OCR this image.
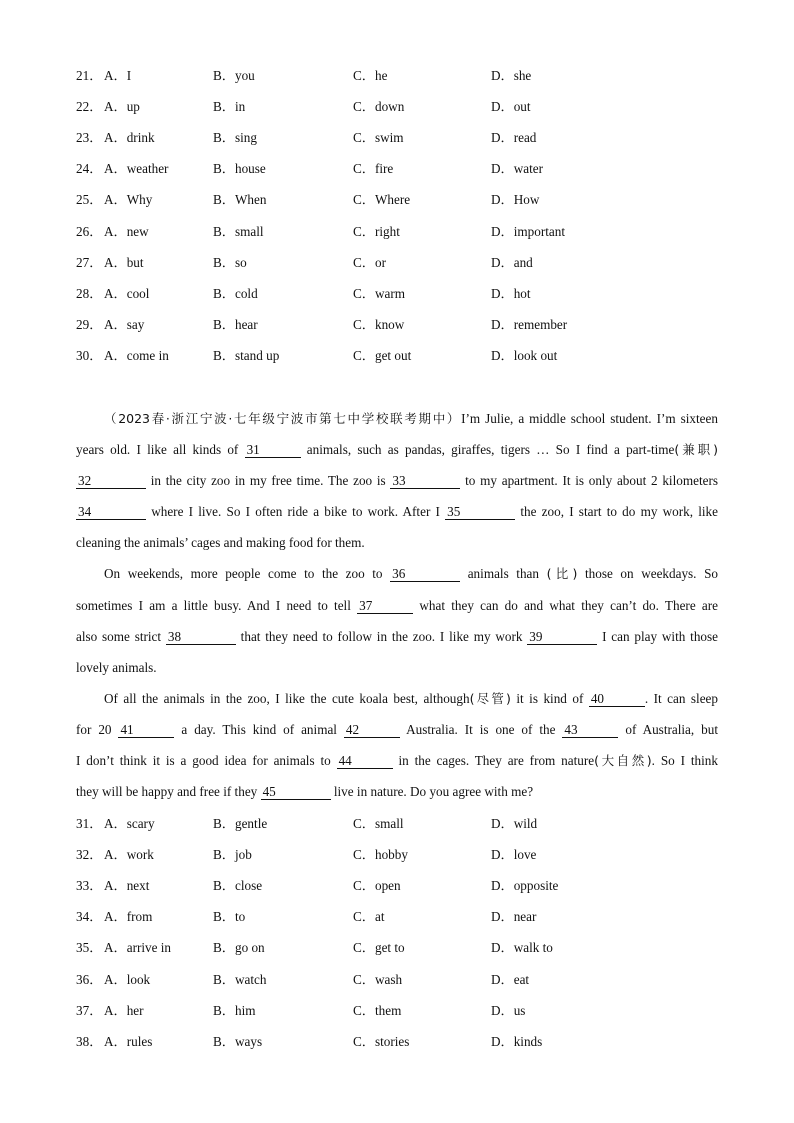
21． A．I	B．you	C．he	D．she
22． A．up	B．in	C．down	D．out
23． A．drink	B．sing	C．swim	D．read
24． A．weather	B．house	C．fire	D．water
25． A．Why	B．When	C．Where	D．How
26． A．new	B．small	C．right	D．important
27． A．but	B．so	C．or	D．and
28． A．cool	B．cold	C．warm	D．hot
29． A．say	B．hear	C．know	D．remember
30． A．come in	B．stand up	C．get out	D．look out
（2023春·浙江宁波·七年级宁波市第七中学校联考期中）I’m Julie, a middle school student. I’m sixteen
years old. I like all kinds of 31	animals, such as pandas, giraffes, tigers … So I find a part-time(兼职)
32	in the city zoo in my free time. The zoo is 33	to my apartment. It is only about 2 kilometers
34	where I live. So I often ride a bike to work. After I 35	the zoo, I start to do my work, like
cleaning the animals’ cages and making food for them.
On weekends, more people come to the zoo to 36	animals than (比) those on weekdays. So
sometimes I am a little busy. And I need to tell 37	what they can do and what they can’t do. There are
also some strict 38	that they need to follow in the zoo. I like my work 39	I can play with those
lovely animals.
Of all the animals in the zoo, I like the cute koala best, although(尽管) it is kind of 40	. It can sleep
for 20 41	a day. This kind of animal 42	Australia. It is one of the 43	of Australia, but
I don’t think it is a good idea for animals to 44	in the cages. They are from nature(大自然). So I think
they will be happy and free if they 45	live in nature. Do you agree with me?
31． A．scary	B．gentle	C．small	D．wild
32． A．work	B．job	C．hobby	D．love
33． A．next	B．close	C．open	D．opposite
34． A．from	B．to	C．at	D．near
35． A．arrive in	B．go on	C．get to	D．walk to
36． A．look	B．watch	C．wash	D．eat
37． A．her	B．him	C．them	D．us
38． A．rules	B．ways	C．stories	D．kinds
